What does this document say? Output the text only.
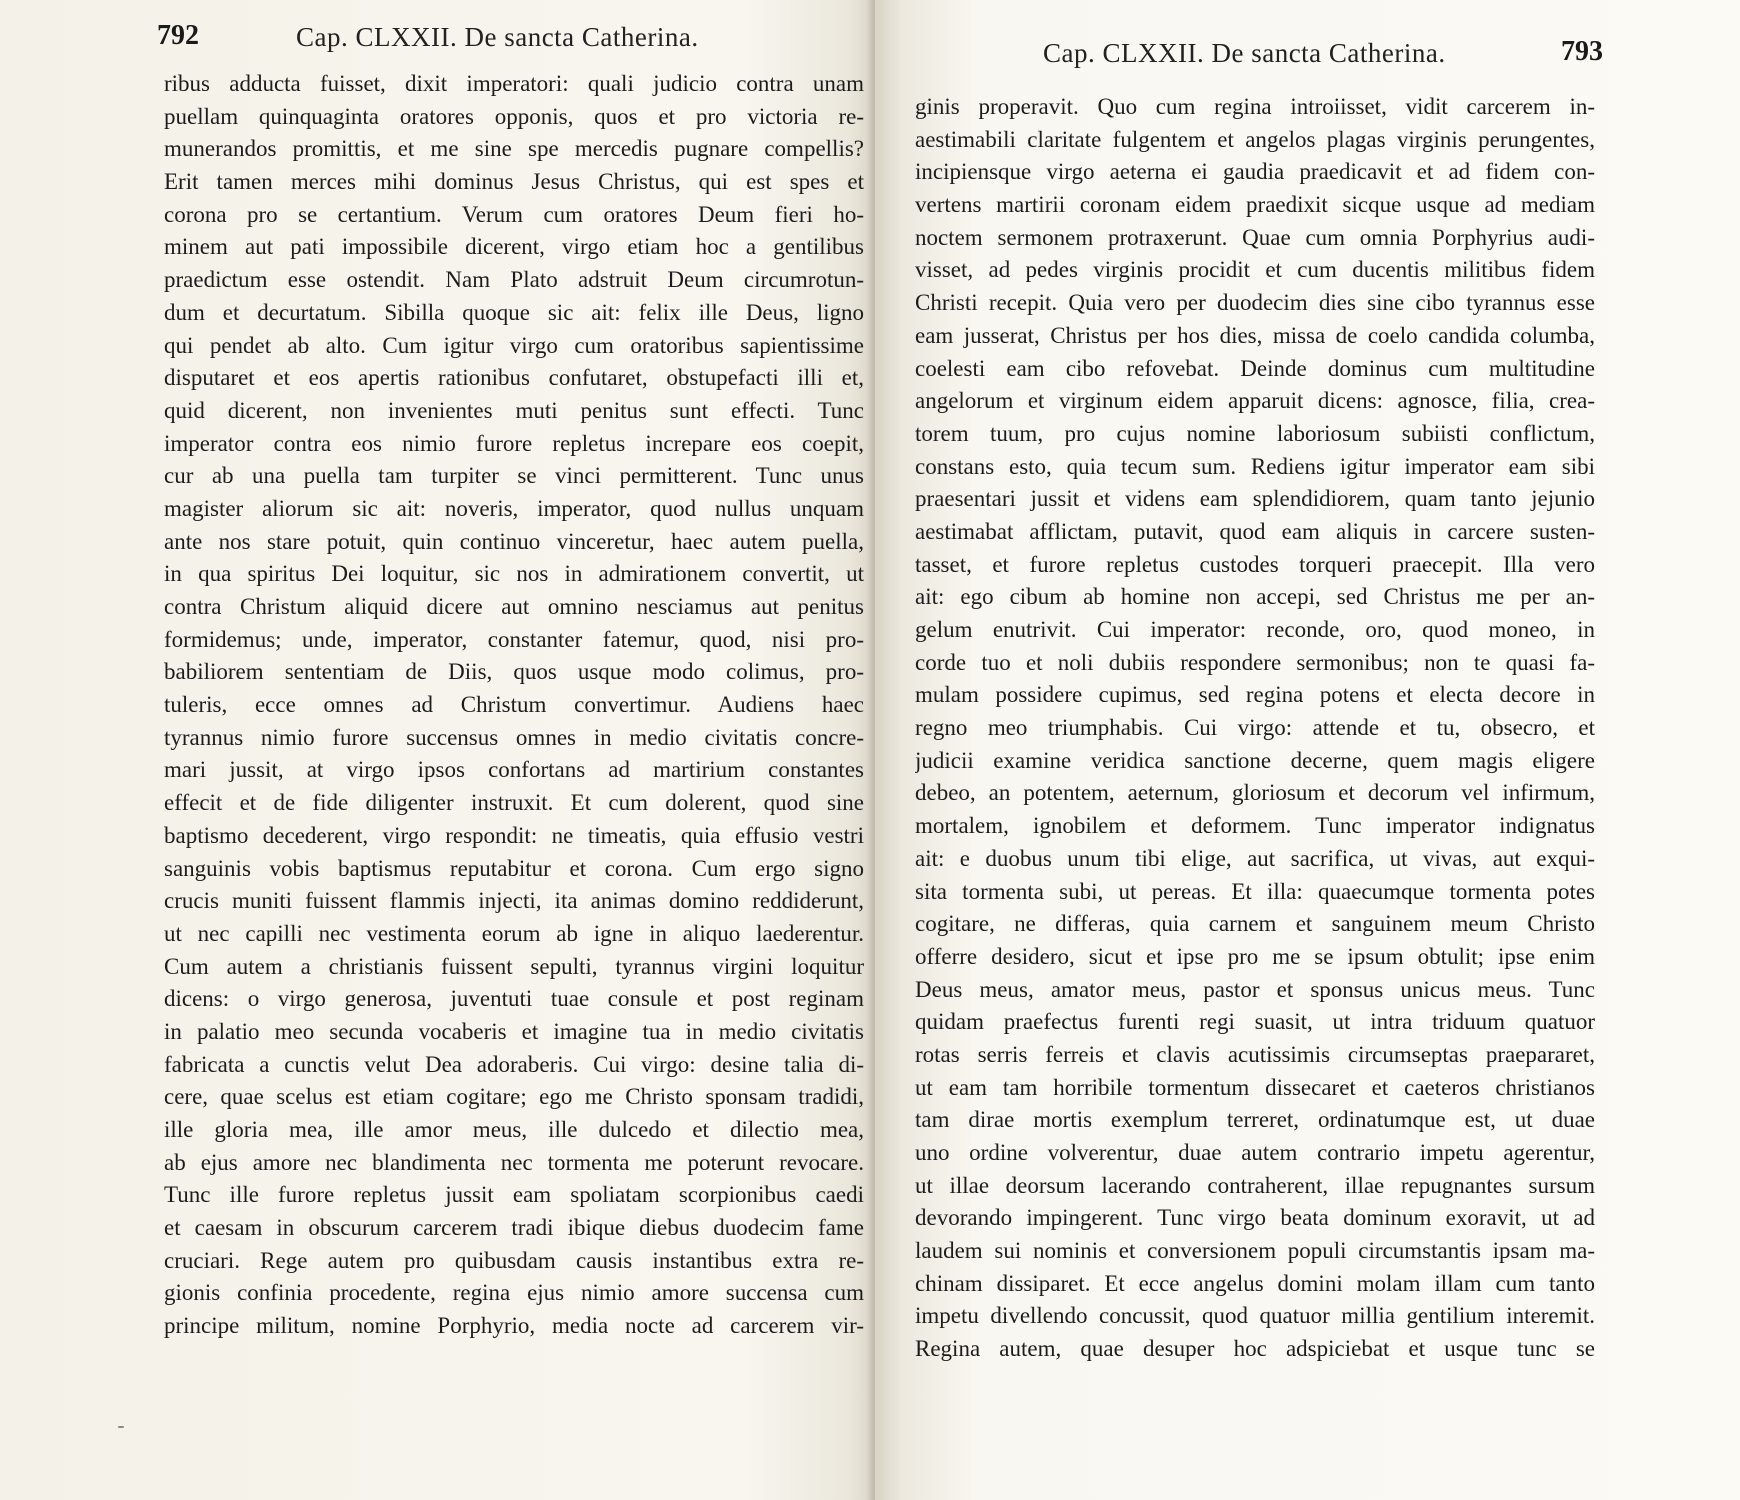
792	Cap. CLXXII. De sancta Catherina.
ribus adducta fuisset, dixit imperatori: quali judicio contra unam
puellam quinquaginta oratores opponis, quos et pro victoria re-
munerandos promittis, et me sine spe mercedis pugnare compellis?
Erit tamen merces mihi dominus Jesus Christus, qui est spes et
corona pro se certantium. Verum cum oratores Deum fieri ho-
minem aut pati impossibile dicerent, virgo etiam hoc a gentilibus
praedictum esse ostendit. Nam Plato adstruit Deum circumrotun-
dum et decurtatum. Sibilla quoque sic ait: felix ille Deus, ligno
qui pendet ab alto. Cum igitur virgo cum oratoribus sapientissime
disputaret et eos apertis rationibus confutaret, obstupefacti illi et,
quid dicerent, non invenientes muti penitus sunt effecti. Tunc
imperator contra eos nimio furore repletus increpare eos coepit,
cur ab una puella tam turpiter se vinci permitterent. Tunc unus
magister aliorum sic ait: noveris, imperator, quod nullus unquam
ante nos stare potuit, quin continuo vinceretur, haec autem puella,
in qua spiritus Dei loquitur, sic nos in admirationem convertit, ut
contra Christum aliquid dicere aut omnino nesciamus aut penitus
formidemus; unde, imperator, constanter fatemur, quod, nisi pro-
babiliorem sententiam de Diis, quos usque modo colimus, pro-
tuleris, ecce omnes ad Christum convertimur. Audiens haec
tyrannus nimio furore succensus omnes in medio civitatis concre-
mari jussit, at virgo ipsos confortans ad martirium constantes
effecit et de fide diligenter instruxit. Et cum dolerent, quod sine
baptismo decederent, virgo respondit: ne timeatis, quia effusio vestri
sanguinis vobis baptismus reputabitur et corona. Cum ergo signo
crucis muniti fuissent flammis injecti, ita animas domino reddiderunt,
ut nec capilli nec vestimenta eorum ab igne in aliquo laederentur.
Cum autem a christianis fuissent sepulti, tyrannus virgini loquitur
dicens: o virgo generosa, juventuti tuae consule et post reginam
in palatio meo secunda vocaberis et imagine tua in medio civitatis
fabricata a cunctis velut Dea adoraberis. Cui virgo: desine talia di-
cere, quae scelus est etiam cogitare; ego me Christo sponsam tradidi,
ille gloria mea, ille amor meus, ille dulcedo et dilectio mea,
ab ejus amore nec blandimenta nec tormenta me poterunt revocare.
Tunc ille furore repletus jussit eam spoliatam scorpionibus caedi
et caesam in obscurum carcerem tradi ibique diebus duodecim fame
cruciari. Rege autem pro quibusdam causis instantibus extra re-
gionis confinia procedente, regina ejus nimio amore succensa cum
principe militum, nomine Porphyrio, media nocte ad carcerem vir-
Cap. CLXXII. De sancta Catherina.	793
ginis properavit. Quo cum regina introiisset, vidit carcerem in-
aestimabili claritate fulgentem et angelos plagas virginis perungentes,
incipiensque virgo aeterna ei gaudia praedicavit et ad fidem con-
vertens martirii coronam eidem praedixit sicque usque ad mediam
noctem sermonem protraxerunt. Quae cum omnia Porphyrius audi-
visset, ad pedes virginis procidit et cum ducentis militibus fidem
Christi recepit. Quia vero per duodecim dies sine cibo tyrannus esse
eam jusserat, Christus per hos dies, missa de coelo candida columba,
coelesti eam cibo refovebat. Deinde dominus cum multitudine
angelorum et virginum eidem apparuit dicens: agnosce, filia, crea-
torem tuum, pro cujus nomine laboriosum subiisti conflictum,
constans esto, quia tecum sum. Rediens igitur imperator eam sibi
praesentari jussit et videns eam splendidiorem, quam tanto jejunio
aestimabat afflictam, putavit, quod eam aliquis in carcere susten-
tasset, et furore repletus custodes torqueri praecepit. Illa vero
ait: ego cibum ab homine non accepi, sed Christus me per an-
gelum enutrivit. Cui imperator: reconde, oro, quod moneo, in
corde tuo et noli dubiis respondere sermonibus; non te quasi fa-
mulam possidere cupimus, sed regina potens et electa decore in
regno meo triumphabis. Cui virgo: attende et tu, obsecro, et
judicii examine veridica sanctione decerne, quem magis eligere
debeo, an potentem, aeternum, gloriosum et decorum vel infirmum,
mortalem, ignobilem et deformem. Tunc imperator indignatus
ait: e duobus unum tibi elige, aut sacrifica, ut vivas, aut exqui-
sita tormenta subi, ut pereas. Et illa: quaecumque tormenta potes
cogitare, ne differas, quia carnem et sanguinem meum Christo
offerre desidero, sicut et ipse pro me se ipsum obtulit; ipse enim
Deus meus, amator meus, pastor et sponsus unicus meus. Tunc
quidam praefectus furenti regi suasit, ut intra triduum quatuor
rotas serris ferreis et clavis acutissimis circumseptas praepararet,
ut eam tam horribile tormentum dissecaret et caeteros christianos
tam dirae mortis exemplum terreret, ordinatumque est, ut duae
uno ordine volverentur, duae autem contrario impetu agerentur,
ut illae deorsum lacerando contraherent, illae repugnantes sursum
devorando impingerent. Tunc virgo beata dominum exoravit, ut ad
laudem sui nominis et conversionem populi circumstantis ipsam ma-
chinam dissiparet. Et ecce angelus domini molam illam cum tanto
impetu divellendo concussit, quod quatuor millia gentilium interemit.
Regina autem, quae desuper hoc adspiciebat et usque tunc se
